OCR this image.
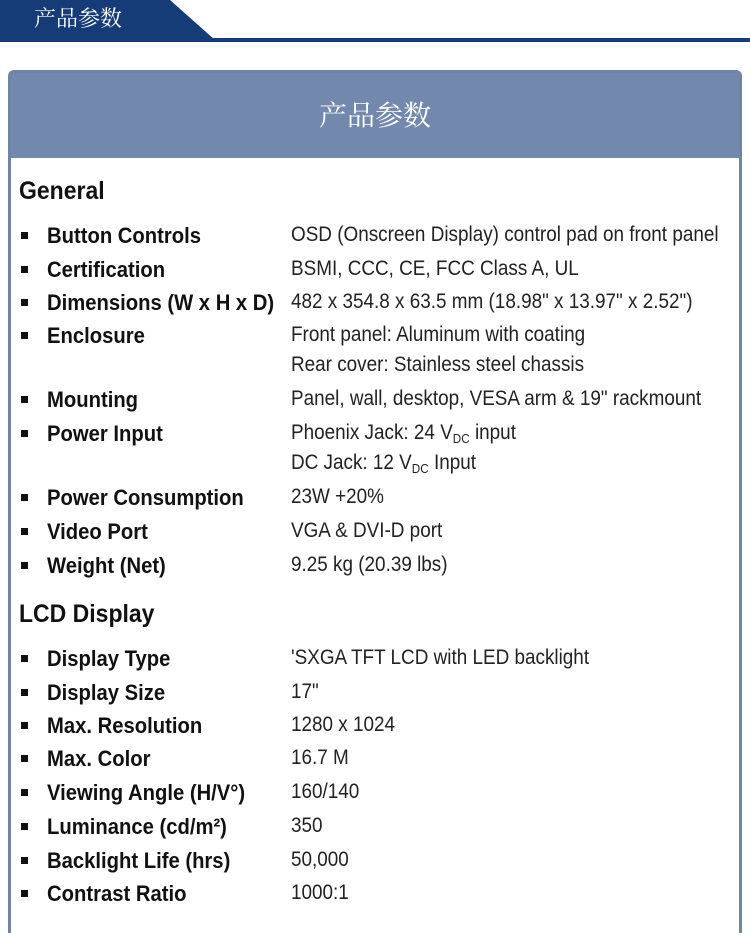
产品参数
产品参数
General
Button Controls	OSD (Onscreen Display) control pad on front panel
Certification	BSMI, CCC, CE, FCC Class A, UL
Dimensions (W x H x D) 482 x 354.8 x 63.5 mm (18.98" x 13.97" x 2.52")
Enclosure	Front panel: Aluminum with coating
Rear cover: Stainless steel chassis
Mounting	Panel, wall, desktop, VESA arm & 19" rackmount
Power Input	Phoenix Jack: 24 VDC input
DC Jack: 12 VDC Input
Power Consumption 23W +20%
Video Port	VGA & DVI-D port
Weight (Net)	9.25 kg (20.39 lbs)
LCD Display
Display Type	'SXGA TFT LCD with LED backlight
Display Size	17"
Max. Resolution	1280 x 1024
Max. Color	16.7 M
Viewing Angle (H/V°) 160/140
Luminance (cd/m²)	350
Backlight Life (hrs)	50,000
Contrast Ratio	1000:1
